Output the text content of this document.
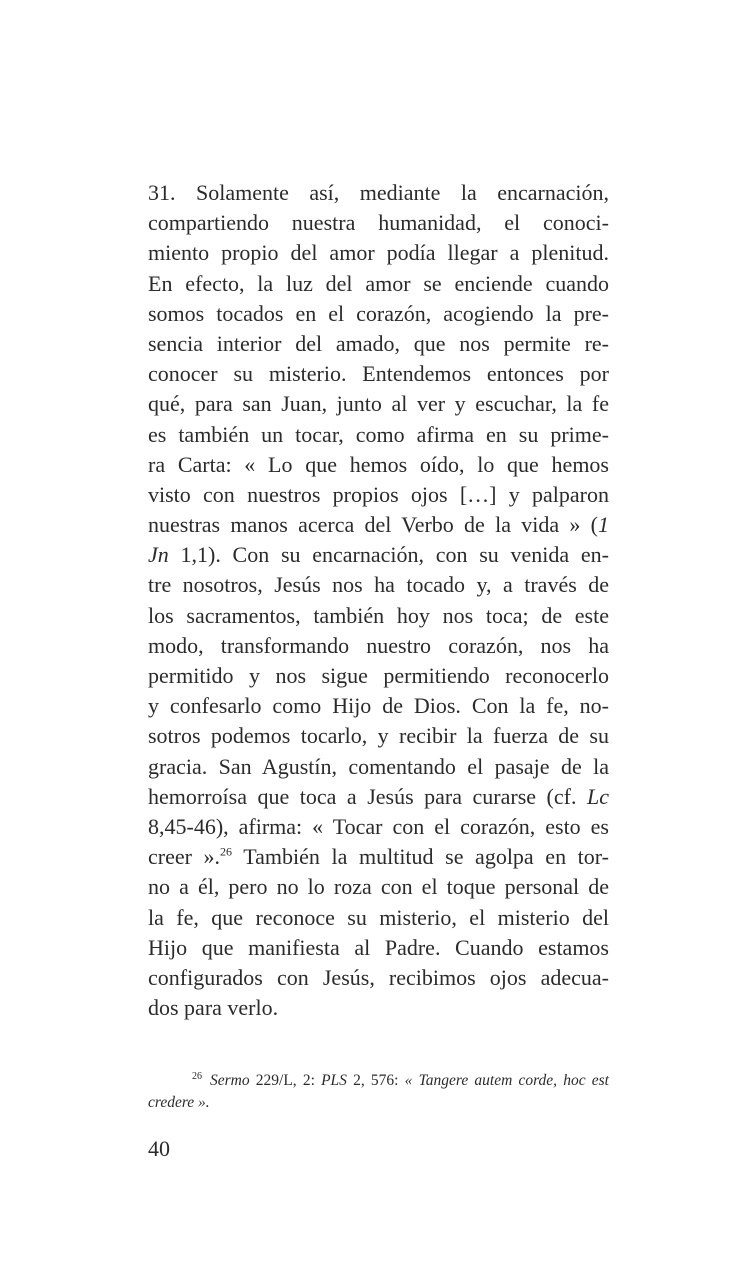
31. Solamente así, mediante la encarnación,
compartiendo nuestra humanidad, el conoci-
miento propio del amor podía llegar a plenitud.
En efecto, la luz del amor se enciende cuando
somos tocados en el corazón, acogiendo la pre-
sencia interior del amado, que nos permite re-
conocer su misterio. Entendemos entonces por
qué, para san Juan, junto al ver y escuchar, la fe
es también un tocar, como afirma en su prime-
ra Carta: « Lo que hemos oído, lo que hemos
visto con nuestros propios ojos […] y palparon
nuestras manos acerca del Verbo de la vida » (1
Jn 1,1). Con su encarnación, con su venida en-
tre nosotros, Jesús nos ha tocado y, a través de
los sacramentos, también hoy nos toca; de este
modo, transformando nuestro corazón, nos ha
permitido y nos sigue permitiendo reconocerlo
y confesarlo como Hijo de Dios. Con la fe, no-
sotros podemos tocarlo, y recibir la fuerza de su
gracia. San Agustín, comentando el pasaje de la
hemorroísa que toca a Jesús para curarse (cf. Lc
8,45-46), afirma: « Tocar con el corazón, esto es
creer ».$^{26}$ También la multitud se agolpa en tor-
no a él, pero no lo roza con el toque personal de
la fe, que reconoce su misterio, el misterio del
Hijo que manifiesta al Padre. Cuando estamos
configurados con Jesús, recibimos ojos adecua-
dos para verlo.

$^{26}$ Sermo 229/L, 2: PLS 2, 576: « Tangere autem corde, hoc est
credere ».
40
